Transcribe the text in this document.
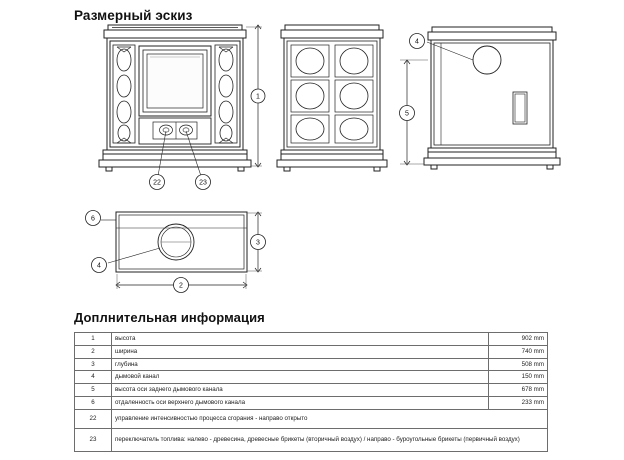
Размерный эскиз
Доплнительная информация
1
22	23
4
5
6
4
3
2
1	высота	902 mm
2	ширина	740 mm
3	глубина	508 mm
4	дымовой канал	150 mm
5	высота оси заднего дымового канала	678 mm
6	отдаленность оси верхнего дымового канала	233 mm
22	управление интенсивностью процесса сгорания - направо открыто	
23	переключатель топлива: налево - древесина, древесные брикеты (вторичный воздух) / направо - буроугольные брикеты (первичный воздух)	
